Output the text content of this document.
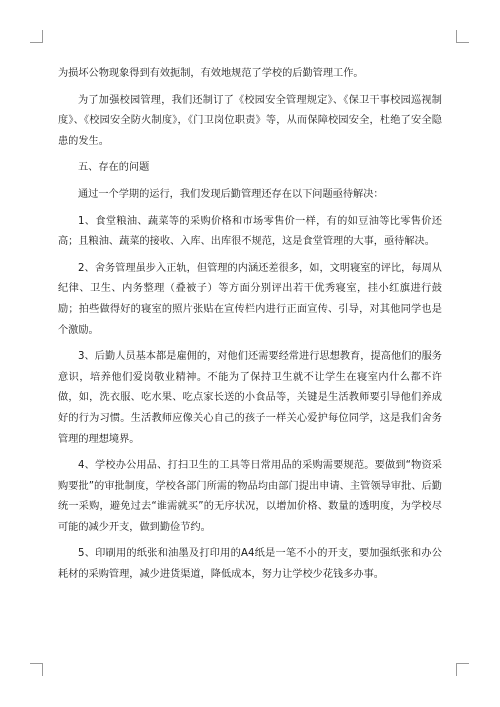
为损坏公物现象得到有效扼制，有效地规范了学校的后勤管理工作。

为了加强校园管理，我们还制订了《校园安全管理规定》、《保卫干事校园巡视制度》、《校园安全防火制度》，《门卫岗位职责》等，从而保障校园安全，杜绝了安全隐患的发生。

五、存在的问题

通过一个学期的运行，我们发现后勤管理还存在以下问题亟待解决：

1、食堂粮油、蔬菜等的采购价格和市场零售价一样，有的如豆油等比零售价还高；且粮油、蔬菜的接收、入库、出库很不规范，这是食堂管理的大事，亟待解决。

2、舍务管理虽步入正轨，但管理的内涵还差很多，如，文明寝室的评比，每周从纪律、卫生、内务整理（叠被子）等方面分别评出若干优秀寝室，挂小红旗进行鼓励；拍些做得好的寝室的照片张贴在宣传栏内进行正面宣传、引导，对其他同学也是个激励。

3、后勤人员基本都是雇佣的，对他们还需要经常进行思想教育，提高他们的服务意识，培养他们爱岗敬业精神。不能为了保持卫生就不让学生在寝室内什么都不许做，如，洗衣服、吃水果、吃点家长送的小食品等，关键是生活教师要引导他们养成好的行为习惯。生活教师应像关心自己的孩子一样关心爱护每位同学，这是我们舍务管理的理想境界。

4、学校办公用品、打扫卫生的工具等日常用品的采购需要规范。要做到“物资采购要批”的审批制度，学校各部门所需的物品均由部门提出申请、主管领导审批、后勤统一采购，避免过去“谁需就买”的无序状况，以增加价格、数量的透明度，为学校尽可能的减少开支，做到勤俭节约。

5、印刷用的纸张和油墨及打印用的A4纸是一笔不小的开支，要加强纸张和办公耗材的采购管理，减少进货渠道，降低成本，努力让学校少花钱多办事。
